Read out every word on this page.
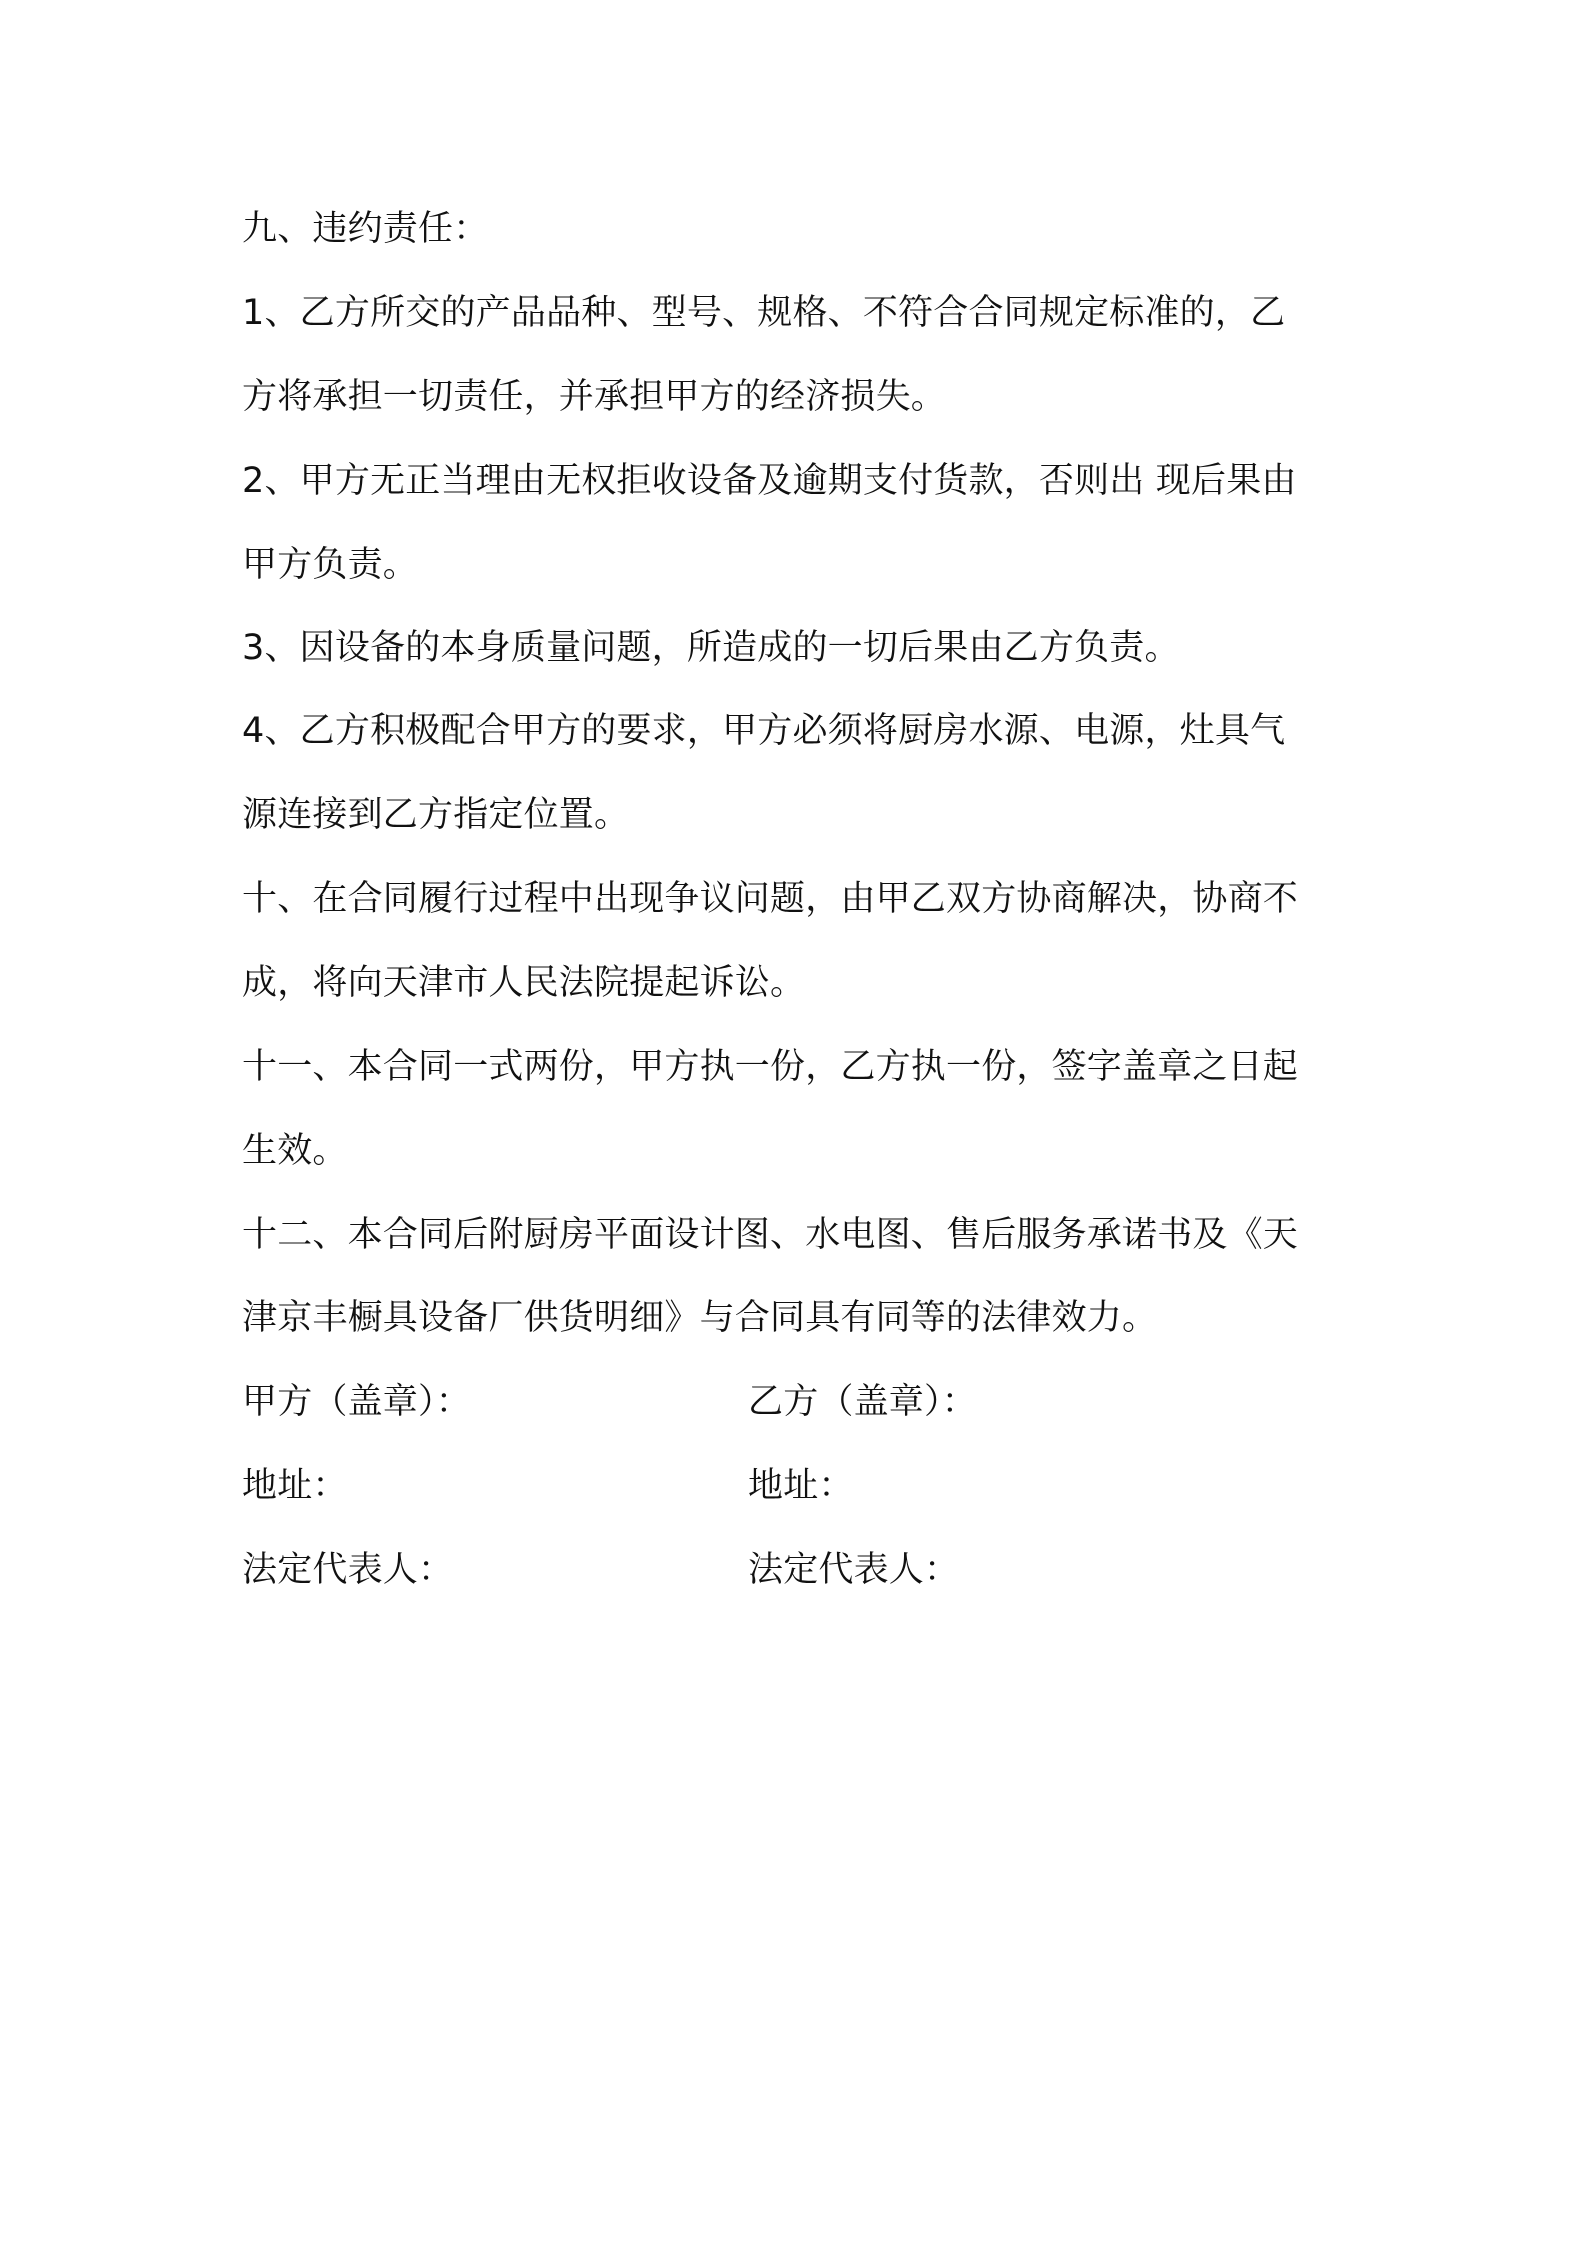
九、违约责任：
1、乙方所交的产品品种、型号、规格、不符合合同规定标准的，乙
方将承担一切责任，并承担甲方的经济损失。
2、甲方无正当理由无权拒收设备及逾期支付货款，否则出 现后果由
甲方负责。
3、因设备的本身质量问题，所造成的一切后果由乙方负责。
4、乙方积极配合甲方的要求，甲方必须将厨房水源、电源，灶具气
源连接到乙方指定位置。
十、在合同履行过程中出现争议问题，由甲乙双方协商解决，协商不
成，将向天津市人民法院提起诉讼。
十一、本合同一式两份，甲方执一份，乙方执一份，签字盖章之日起
生效。
十二、本合同后附厨房平面设计图、水电图、售后服务承诺书及《天
津京丰橱具设备厂供货明细》与合同具有同等的法律效力。
甲方（盖章）：	乙方（盖章）：
地址：	地址：
法定代表人：	法定代表人：
